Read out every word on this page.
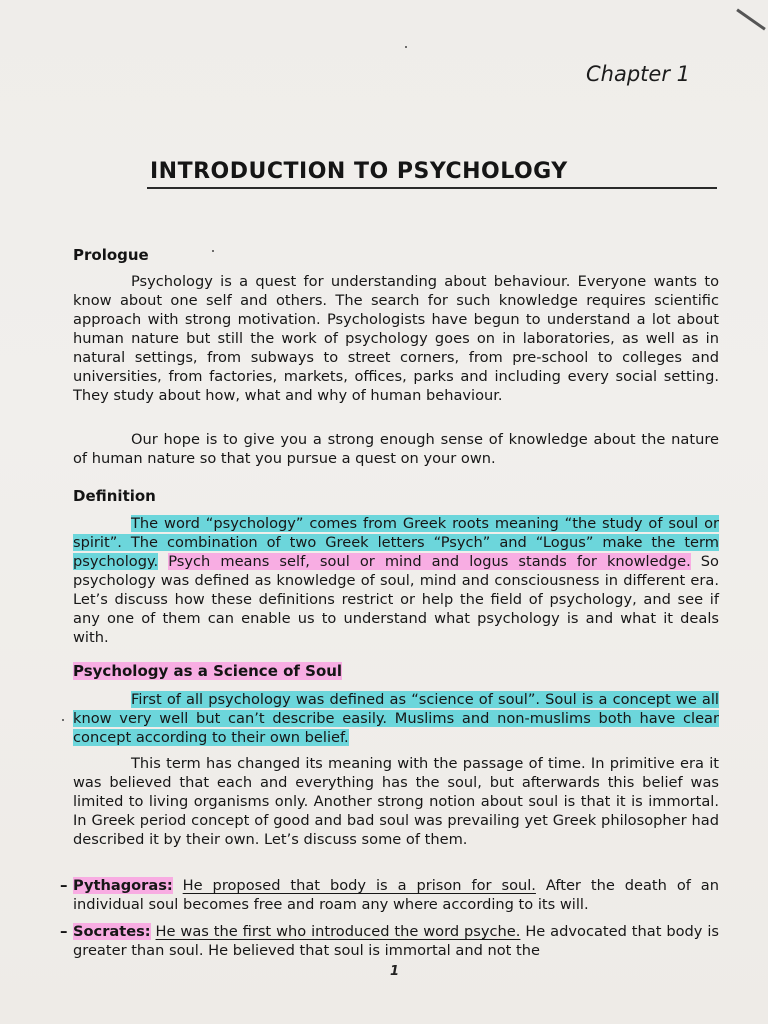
Chapter 1
INTRODUCTION TO PSYCHOLOGY
Prologue
Psychology is a quest for understanding about behaviour. Everyone wants to know about one self and others. The search for such knowledge requires scientific approach with strong motivation. Psychologists have begun to understand a lot about human nature but still the work of psychology goes on in laboratories, as well as in natural settings, from subways to street corners, from pre-school to colleges and universities, from factories, markets, offices, parks and including every social setting. They study about how, what and why of human behaviour.
Our hope is to give you a strong enough sense of knowledge about the nature of human nature so that you pursue a quest on your own.
Definition
The word “psychology” comes from Greek roots meaning “the study of soul or spirit”. The combination of two Greek letters “Psych” and “Logus” make the term psychology. Psych means self, soul or mind and logus stands for knowledge. So psychology was defined as knowledge of soul, mind and consciousness in different era. Let’s discuss how these definitions restrict or help the field of psychology, and see if any one of them can enable us to understand what psychology is and what it deals with.
Psychology as a Science of Soul
First of all psychology was defined as “science of soul”. Soul is a concept we all know very well but can’t describe easily. Muslims and non-muslims both have clear concept according to their own belief.
This term has changed its meaning with the passage of time. In primitive era it was believed that each and everything has the soul, but afterwards this belief was limited to living organisms only. Another strong notion about soul is that it is immortal. In Greek period concept of good and bad soul was prevailing yet Greek philosopher had described it by their own. Let’s discuss some of them.
– Pythagoras: He proposed that body is a prison for soul. After the death of an individual soul becomes free and roam any where according to its will.
– Socrates: He was the first who introduced the word psyche. He advocated that body is greater than soul. He believed that soul is immortal and not the
1
